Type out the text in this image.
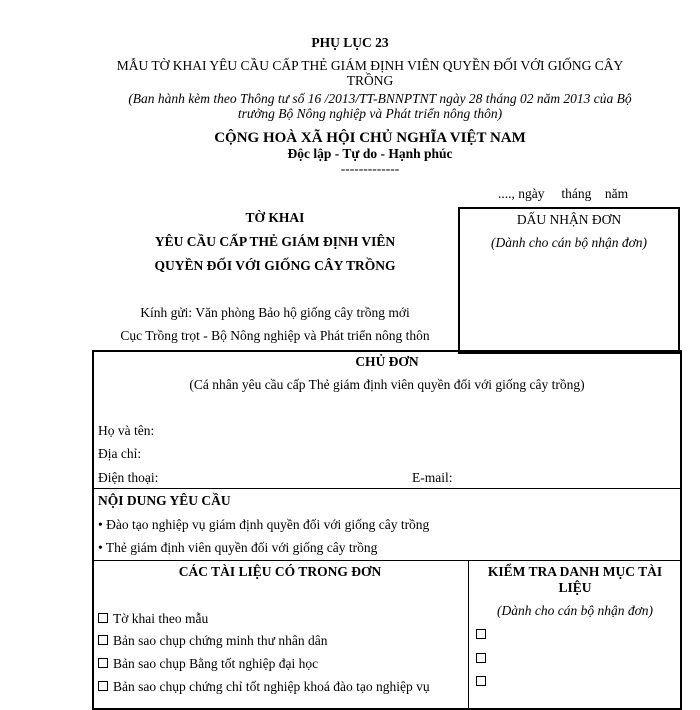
PHỤ LỤC 23
MẪU TỜ KHAI YÊU CẦU CẤP THẺ GIÁM ĐỊNH VIÊN QUYỀN ĐỐI VỚI GIỐNG CÂY
TRỒNG
(Ban hành kèm theo Thông tư số 16 /2013/TT-BNNPTNT ngày 28 tháng 02 năm 2013 của Bộ
trưởng Bộ Nông nghiệp và Phát triển nông thôn)
CỘNG HOÀ XÃ HỘI CHỦ NGHĨA VIỆT NAM
Độc lập - Tự do - Hạnh phúc
-------------
...., ngày     tháng    năm
TỜ KHAI
YÊU CẦU CẤP THẺ GIÁM ĐỊNH VIÊN
QUYỀN ĐỐI VỚI GIỐNG CÂY TRỒNG
Kính gửi: Văn phòng Bảo hộ giống cây trồng mới
Cục Trồng trọt - Bộ Nông nghiệp và Phát triển nông thôn
DẤU NHẬN ĐƠN
(Dành cho cán bộ nhận đơn)
CHỦ ĐƠN
(Cá nhân yêu cầu cấp Thẻ giám định viên quyền đối với giống cây trồng)
Họ và tên:
Địa chỉ:
Điện thoại:	E-mail:
NỘI DUNG YÊU CẦU
• Đào tạo nghiệp vụ giám định quyền đối với giống cây trồng
• Thẻ giám định viên quyền đối với giống cây trồng
CÁC TÀI LIỆU CÓ TRONG ĐƠN
Tờ khai theo mẫu
Bản sao chụp chứng minh thư nhân dân
Bản sao chụp Bằng tốt nghiệp đại học
Bản sao chụp chứng chỉ tốt nghiệp khoá đào tạo nghiệp vụ
KIỂM TRA DANH MỤC TÀI
LIỆU
(Dành cho cán bộ nhận đơn)
